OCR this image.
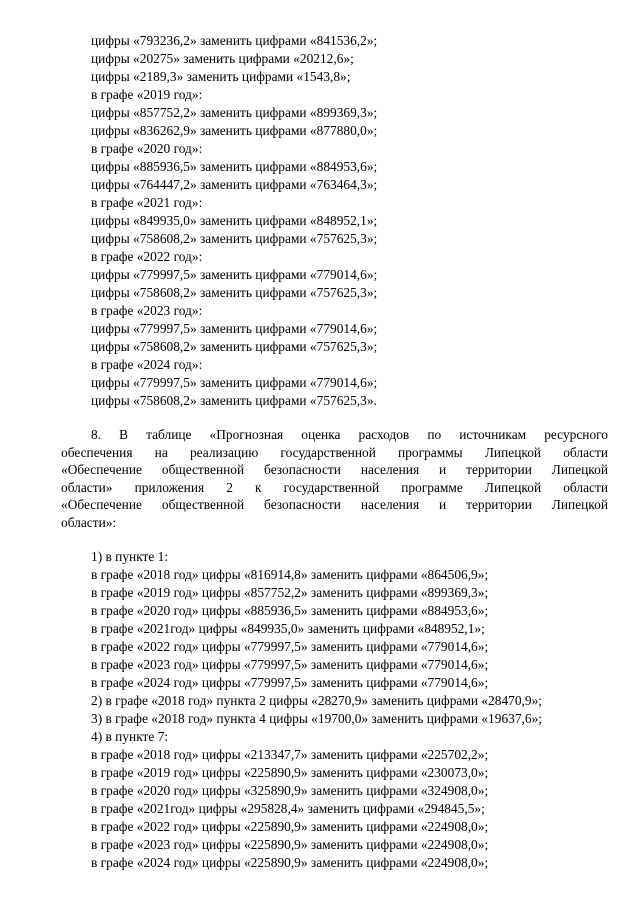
цифры «793236,2» заменить цифрами «841536,2»;
цифры «20275» заменить цифрами «20212,6»;
цифры «2189,3» заменить цифрами «1543,8»;
в графе «2019 год»:
цифры «857752,2» заменить цифрами «899369,3»;
цифры «836262,9» заменить цифрами «877880,0»;
в графе «2020 год»:
цифры «885936,5» заменить цифрами «884953,6»;
цифры «764447,2» заменить цифрами «763464,3»;
в графе «2021 год»:
цифры «849935,0» заменить цифрами «848952,1»;
цифры «758608,2» заменить цифрами «757625,3»;
в графе «2022 год»:
цифры «779997,5» заменить цифрами «779014,6»;
цифры «758608,2» заменить цифрами «757625,3»;
в графе «2023 год»:
цифры «779997,5» заменить цифрами «779014,6»;
цифры «758608,2» заменить цифрами «757625,3»;
в графе «2024 год»:
цифры «779997,5» заменить цифрами «779014,6»;
цифры «758608,2» заменить цифрами «757625,3».
8. В таблице «Прогнозная оценка расходов по источникам ресурсного
обеспечения на реализацию государственной программы Липецкой области
«Обеспечение общественной безопасности населения и территории Липецкой
области» приложения 2 к государственной программе Липецкой области
«Обеспечение общественной безопасности населения и территории Липецкой
области»:
1) в пункте 1:
в графе «2018 год» цифры «816914,8» заменить цифрами «864506,9»;
в графе «2019 год» цифры «857752,2» заменить цифрами «899369,3»;
в графе «2020 год» цифры «885936,5» заменить цифрами «884953,6»;
в графе «2021год» цифры «849935,0» заменить цифрами «848952,1»;
в графе «2022 год» цифры «779997,5» заменить цифрами «779014,6»;
в графе «2023 год» цифры «779997,5» заменить цифрами «779014,6»;
в графе «2024 год» цифры «779997,5» заменить цифрами «779014,6»;
2) в графе «2018 год» пункта 2 цифры «28270,9» заменить цифрами «28470,9»;
3) в графе «2018 год» пункта 4 цифры «19700,0» заменить цифрами «19637,6»;
4) в пункте 7:
в графе «2018 год» цифры «213347,7» заменить цифрами «225702,2»;
в графе «2019 год» цифры «225890,9» заменить цифрами «230073,0»;
в графе «2020 год» цифры «325890,9» заменить цифрами «324908,0»;
в графе «2021год» цифры «295828,4» заменить цифрами «294845,5»;
в графе «2022 год» цифры «225890,9» заменить цифрами «224908,0»;
в графе «2023 год» цифры «225890,9» заменить цифрами «224908,0»;
в графе «2024 год» цифры «225890,9» заменить цифрами «224908,0»;
